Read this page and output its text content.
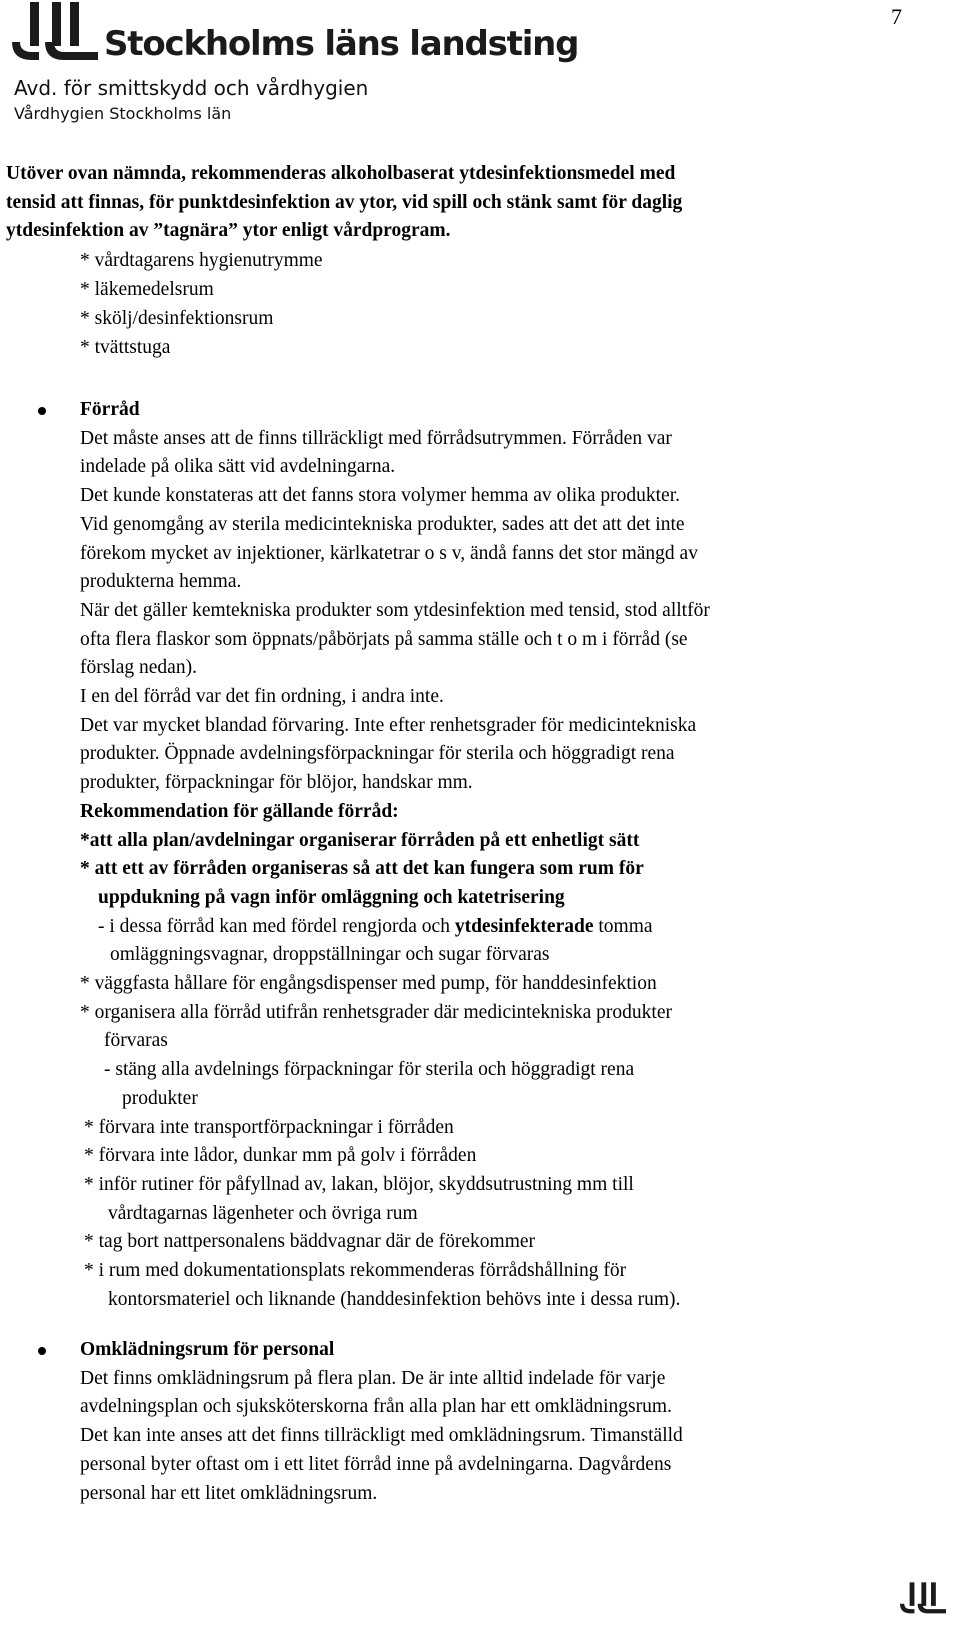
7
Stockholms läns landsting
Avd. för smittskydd och vårdhygien
Vårdhygien Stockholms län
Utöver ovan nämnda, rekommenderas alkoholbaserat ytdesinfektionsmedel med
tensid att finnas, för punktdesinfektion av ytor, vid spill och stänk samt för daglig
ytdesinfektion av ”tagnära” ytor enligt vårdprogram.
* vårdtagarens hygienutrymme
* läkemedelsrum
* skölj/desinfektionsrum
* tvättstuga
Förråd
Det måste anses att de finns tillräckligt med förrådsutrymmen. Förråden var
indelade på olika sätt vid avdelningarna.
Det kunde konstateras att det fanns stora volymer hemma av olika produkter.
Vid genomgång av sterila medicintekniska produkter, sades att det att det inte
förekom mycket av injektioner, kärlkatetrar o s v, ändå fanns det stor mängd av
produkterna hemma.
När det gäller kemtekniska produkter som ytdesinfektion med tensid, stod alltför
ofta flera flaskor som öppnats/påbörjats på samma ställe och t o m i förråd (se
förslag nedan).
I en del förråd var det fin ordning, i andra inte.
Det var mycket blandad förvaring. Inte efter renhetsgrader för medicintekniska
produkter. Öppnade avdelningsförpackningar för sterila och höggradigt rena
produkter, förpackningar för blöjor, handskar mm.
Rekommendation för gällande förråd:
*att alla plan/avdelningar organiserar förråden på ett enhetligt sätt
* att ett av förråden organiseras så att det kan fungera som rum för
uppdukning på vagn inför omläggning och katetrisering
- i dessa förråd kan med fördel rengjorda och ytdesinfekterade tomma
omläggningsvagnar, droppställningar och sugar förvaras
* väggfasta hållare för engångsdispenser med pump, för handdesinfektion
* organisera alla förråd utifrån renhetsgrader där medicintekniska produkter
förvaras
- stäng alla avdelnings förpackningar för sterila och höggradigt rena
produkter
* förvara inte transportförpackningar i förråden
* förvara inte lådor, dunkar mm på golv i förråden
* inför rutiner för påfyllnad av, lakan, blöjor, skyddsutrustning mm till
vårdtagarnas lägenheter och övriga rum
* tag bort nattpersonalens bäddvagnar där de förekommer
* i rum med dokumentationsplats rekommenderas förrådshållning för
kontorsmateriel och liknande (handdesinfektion behövs inte i dessa rum).
Omklädningsrum för personal
Det finns omklädningsrum på flera plan. De är inte alltid indelade för varje
avdelningsplan och sjuksköterskorna från alla plan har ett omklädningsrum.
Det kan inte anses att det finns tillräckligt med omklädningsrum. Timanställd
personal byter oftast om i ett litet förråd inne på avdelningarna. Dagvårdens
personal har ett litet omklädningsrum.
